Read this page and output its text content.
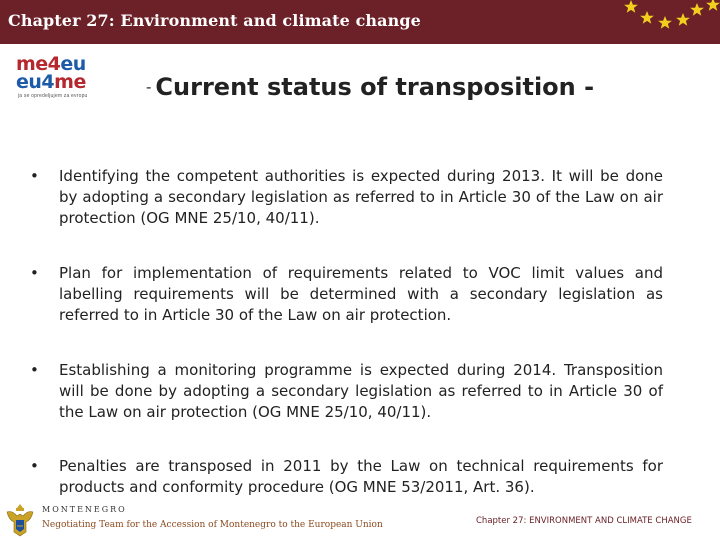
Chapter 27: Environment and climate change
me4eu
eu4me
ja se opredeljujem za evropu	- Current status of transposition -
• Identifying the competent authorities is expected during 2013. It will be done by adopting a secondary legislation as referred to in Article 30 of the Law on air protection (OG MNE 25/10, 40/11).
• Plan for implementation of requirements related to VOC limit values and labelling requirements will be determined with a secondary legislation as referred to in Article 30 of the Law on air protection.
• Establishing a monitoring programme is expected during 2014. Transposition will be done by adopting a secondary legislation as referred to in Article 30 of the Law on air protection (OG MNE 25/10, 40/11).
• Penalties are transposed in 2011 by the Law on technical requirements for products and conformity procedure (OG MNE 53/2011, Art. 36).
MONTENEGRO
Negotiating Team for the Accession of Montenegro to the European Union	Chapter 27: ENVIRONMENT AND CLIMATE CHANGE
